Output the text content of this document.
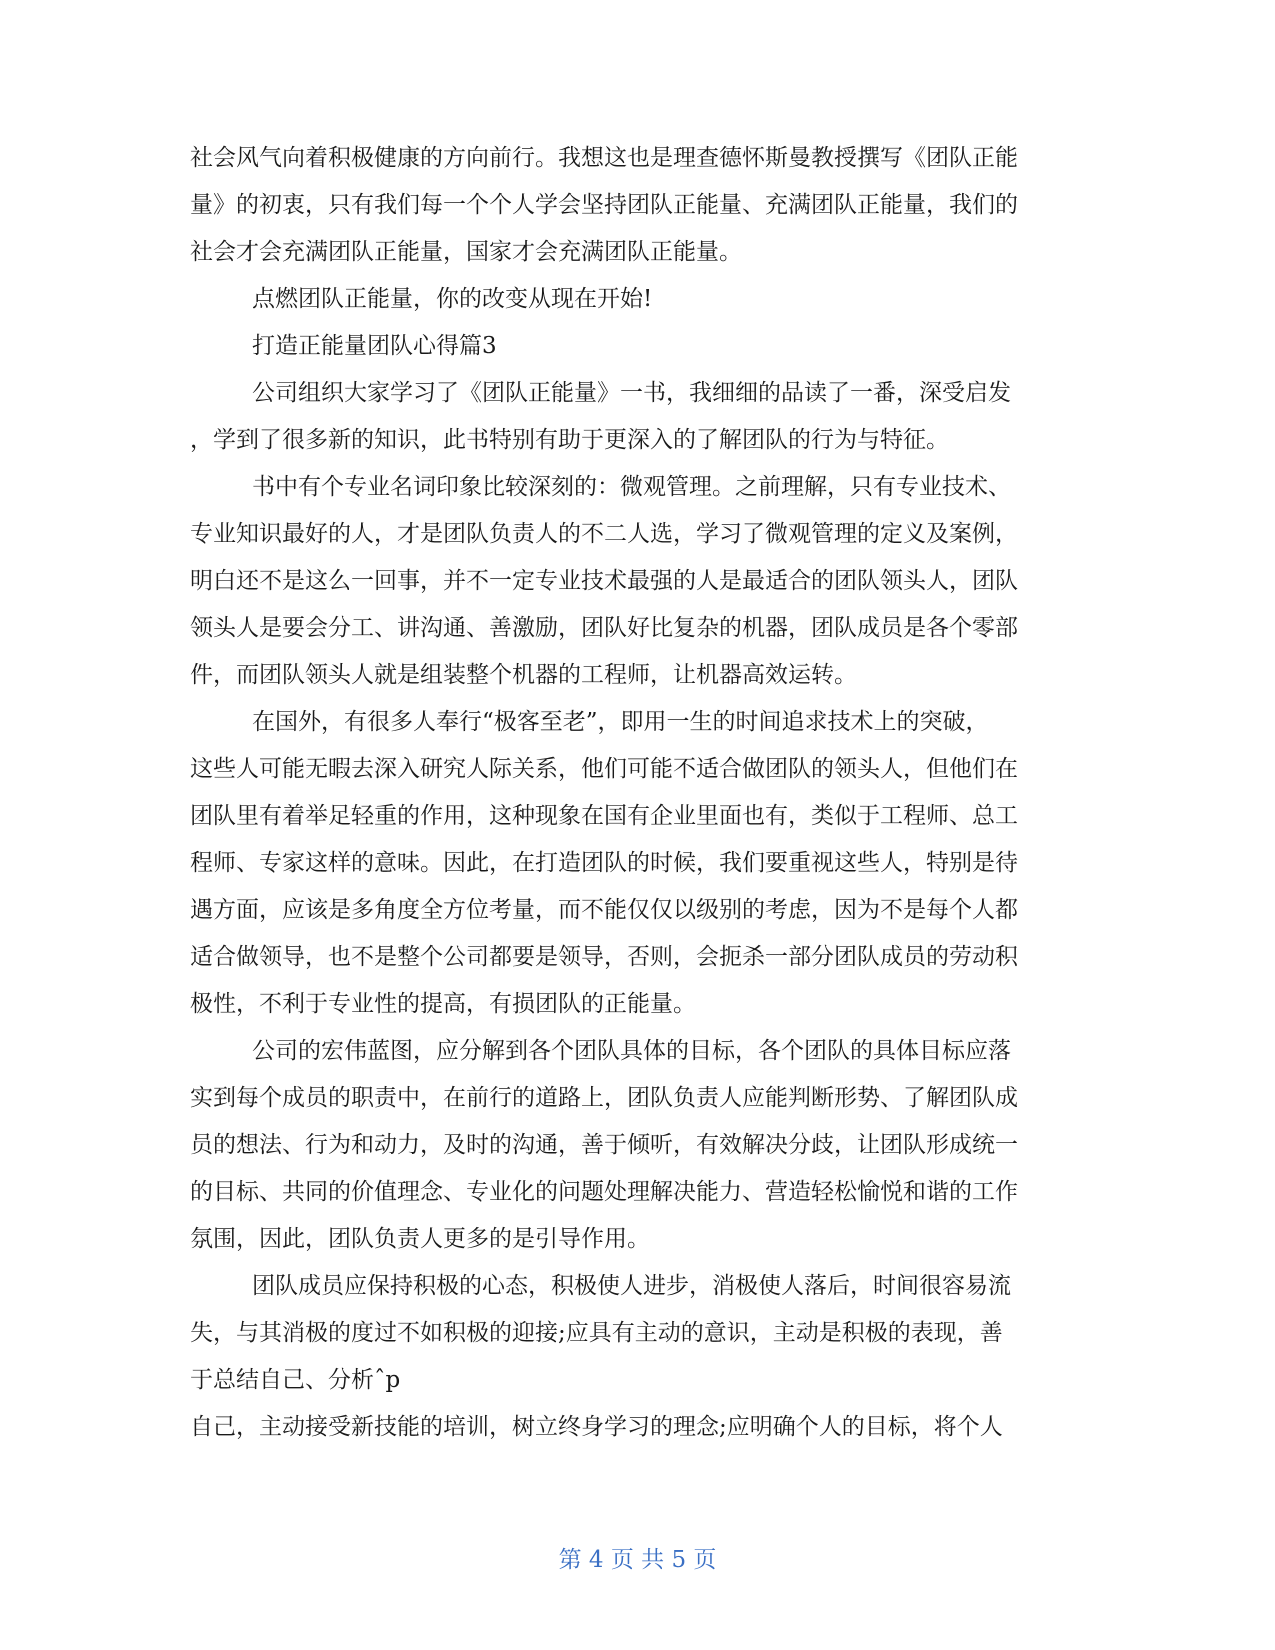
社会风气向着积极健康的方向前行。我想这也是理查德怀斯曼教授撰写《团队正能
量》的初衷，只有我们每一个个人学会坚持团队正能量、充满团队正能量，我们的
社会才会充满团队正能量，国家才会充满团队正能量。
点燃团队正能量，你的改变从现在开始!
打造正能量团队心得篇3
公司组织大家学习了《团队正能量》一书，我细细的品读了一番，深受启发
，学到了很多新的知识，此书特别有助于更深入的了解团队的行为与特征。
书中有个专业名词印象比较深刻的：微观管理。之前理解，只有专业技术、
专业知识最好的人，才是团队负责人的不二人选，学习了微观管理的定义及案例，
明白还不是这么一回事，并不一定专业技术最强的人是最适合的团队领头人，团队
领头人是要会分工、讲沟通、善激励，团队好比复杂的机器，团队成员是各个零部
件，而团队领头人就是组装整个机器的工程师，让机器高效运转。
在国外，有很多人奉行“极客至老”，即用一生的时间追求技术上的突破，
这些人可能无暇去深入研究人际关系，他们可能不适合做团队的领头人，但他们在
团队里有着举足轻重的作用，这种现象在国有企业里面也有，类似于工程师、总工
程师、专家这样的意味。因此，在打造团队的时候，我们要重视这些人，特别是待
遇方面，应该是多角度全方位考量，而不能仅仅以级别的考虑，因为不是每个人都
适合做领导，也不是整个公司都要是领导，否则，会扼杀一部分团队成员的劳动积
极性，不利于专业性的提高，有损团队的正能量。
公司的宏伟蓝图，应分解到各个团队具体的目标，各个团队的具体目标应落
实到每个成员的职责中，在前行的道路上，团队负责人应能判断形势、了解团队成
员的想法、行为和动力，及时的沟通，善于倾听，有效解决分歧，让团队形成统一
的目标、共同的价值理念、专业化的问题处理解决能力、营造轻松愉悦和谐的工作
氛围，因此，团队负责人更多的是引导作用。
团队成员应保持积极的心态，积极使人进步，消极使人落后，时间很容易流
失，与其消极的度过不如积极的迎接;应具有主动的意识，主动是积极的表现，善
于总结自己、分析ˆp
自己，主动接受新技能的培训，树立终身学习的理念;应明确个人的目标，将个人
第 4 页 共 5 页
